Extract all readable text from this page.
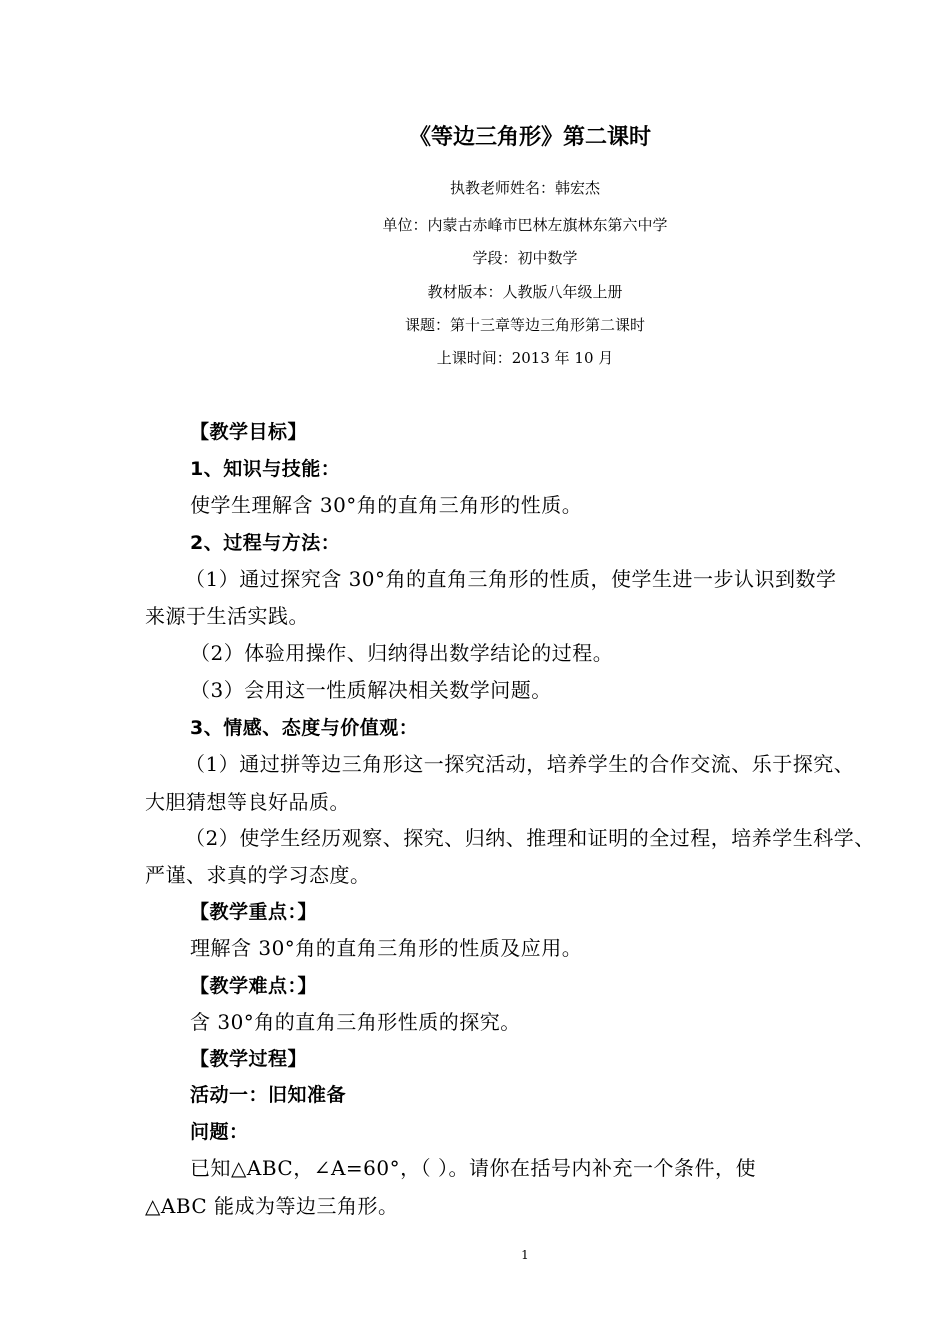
《等边三角形》第二课时
执教老师姓名：韩宏杰
单位：内蒙古赤峰市巴林左旗林东第六中学
学段：初中数学
教材版本：人教版八年级上册
课题：第十三章等边三角形第二课时
上课时间：2013 年 10 月
【教学目标】
1、知识与技能：
使学生理解含 30°角的直角三角形的性质。
2、过程与方法：
（1）通过探究含 30°角的直角三角形的性质，使学生进一步认识到数学
来源于生活实践。
（2）体验用操作、归纳得出数学结论的过程。
（3）会用这一性质解决相关数学问题。
3、情感、态度与价值观：
（1）通过拼等边三角形这一探究活动，培养学生的合作交流、乐于探究、
大胆猜想等良好品质。
（2）使学生经历观察、探究、归纳、推理和证明的全过程，培养学生科学、
严谨、求真的学习态度。
【教学重点：】
理解含 30°角的直角三角形的性质及应用。
【教学难点：】
含 30°角的直角三角形性质的探究。
【教学过程】
活动一：旧知准备
问题：
已知△ABC，∠A=60°，（ ）。请你在括号内补充一个条件，使
△ABC 能成为等边三角形。
1
